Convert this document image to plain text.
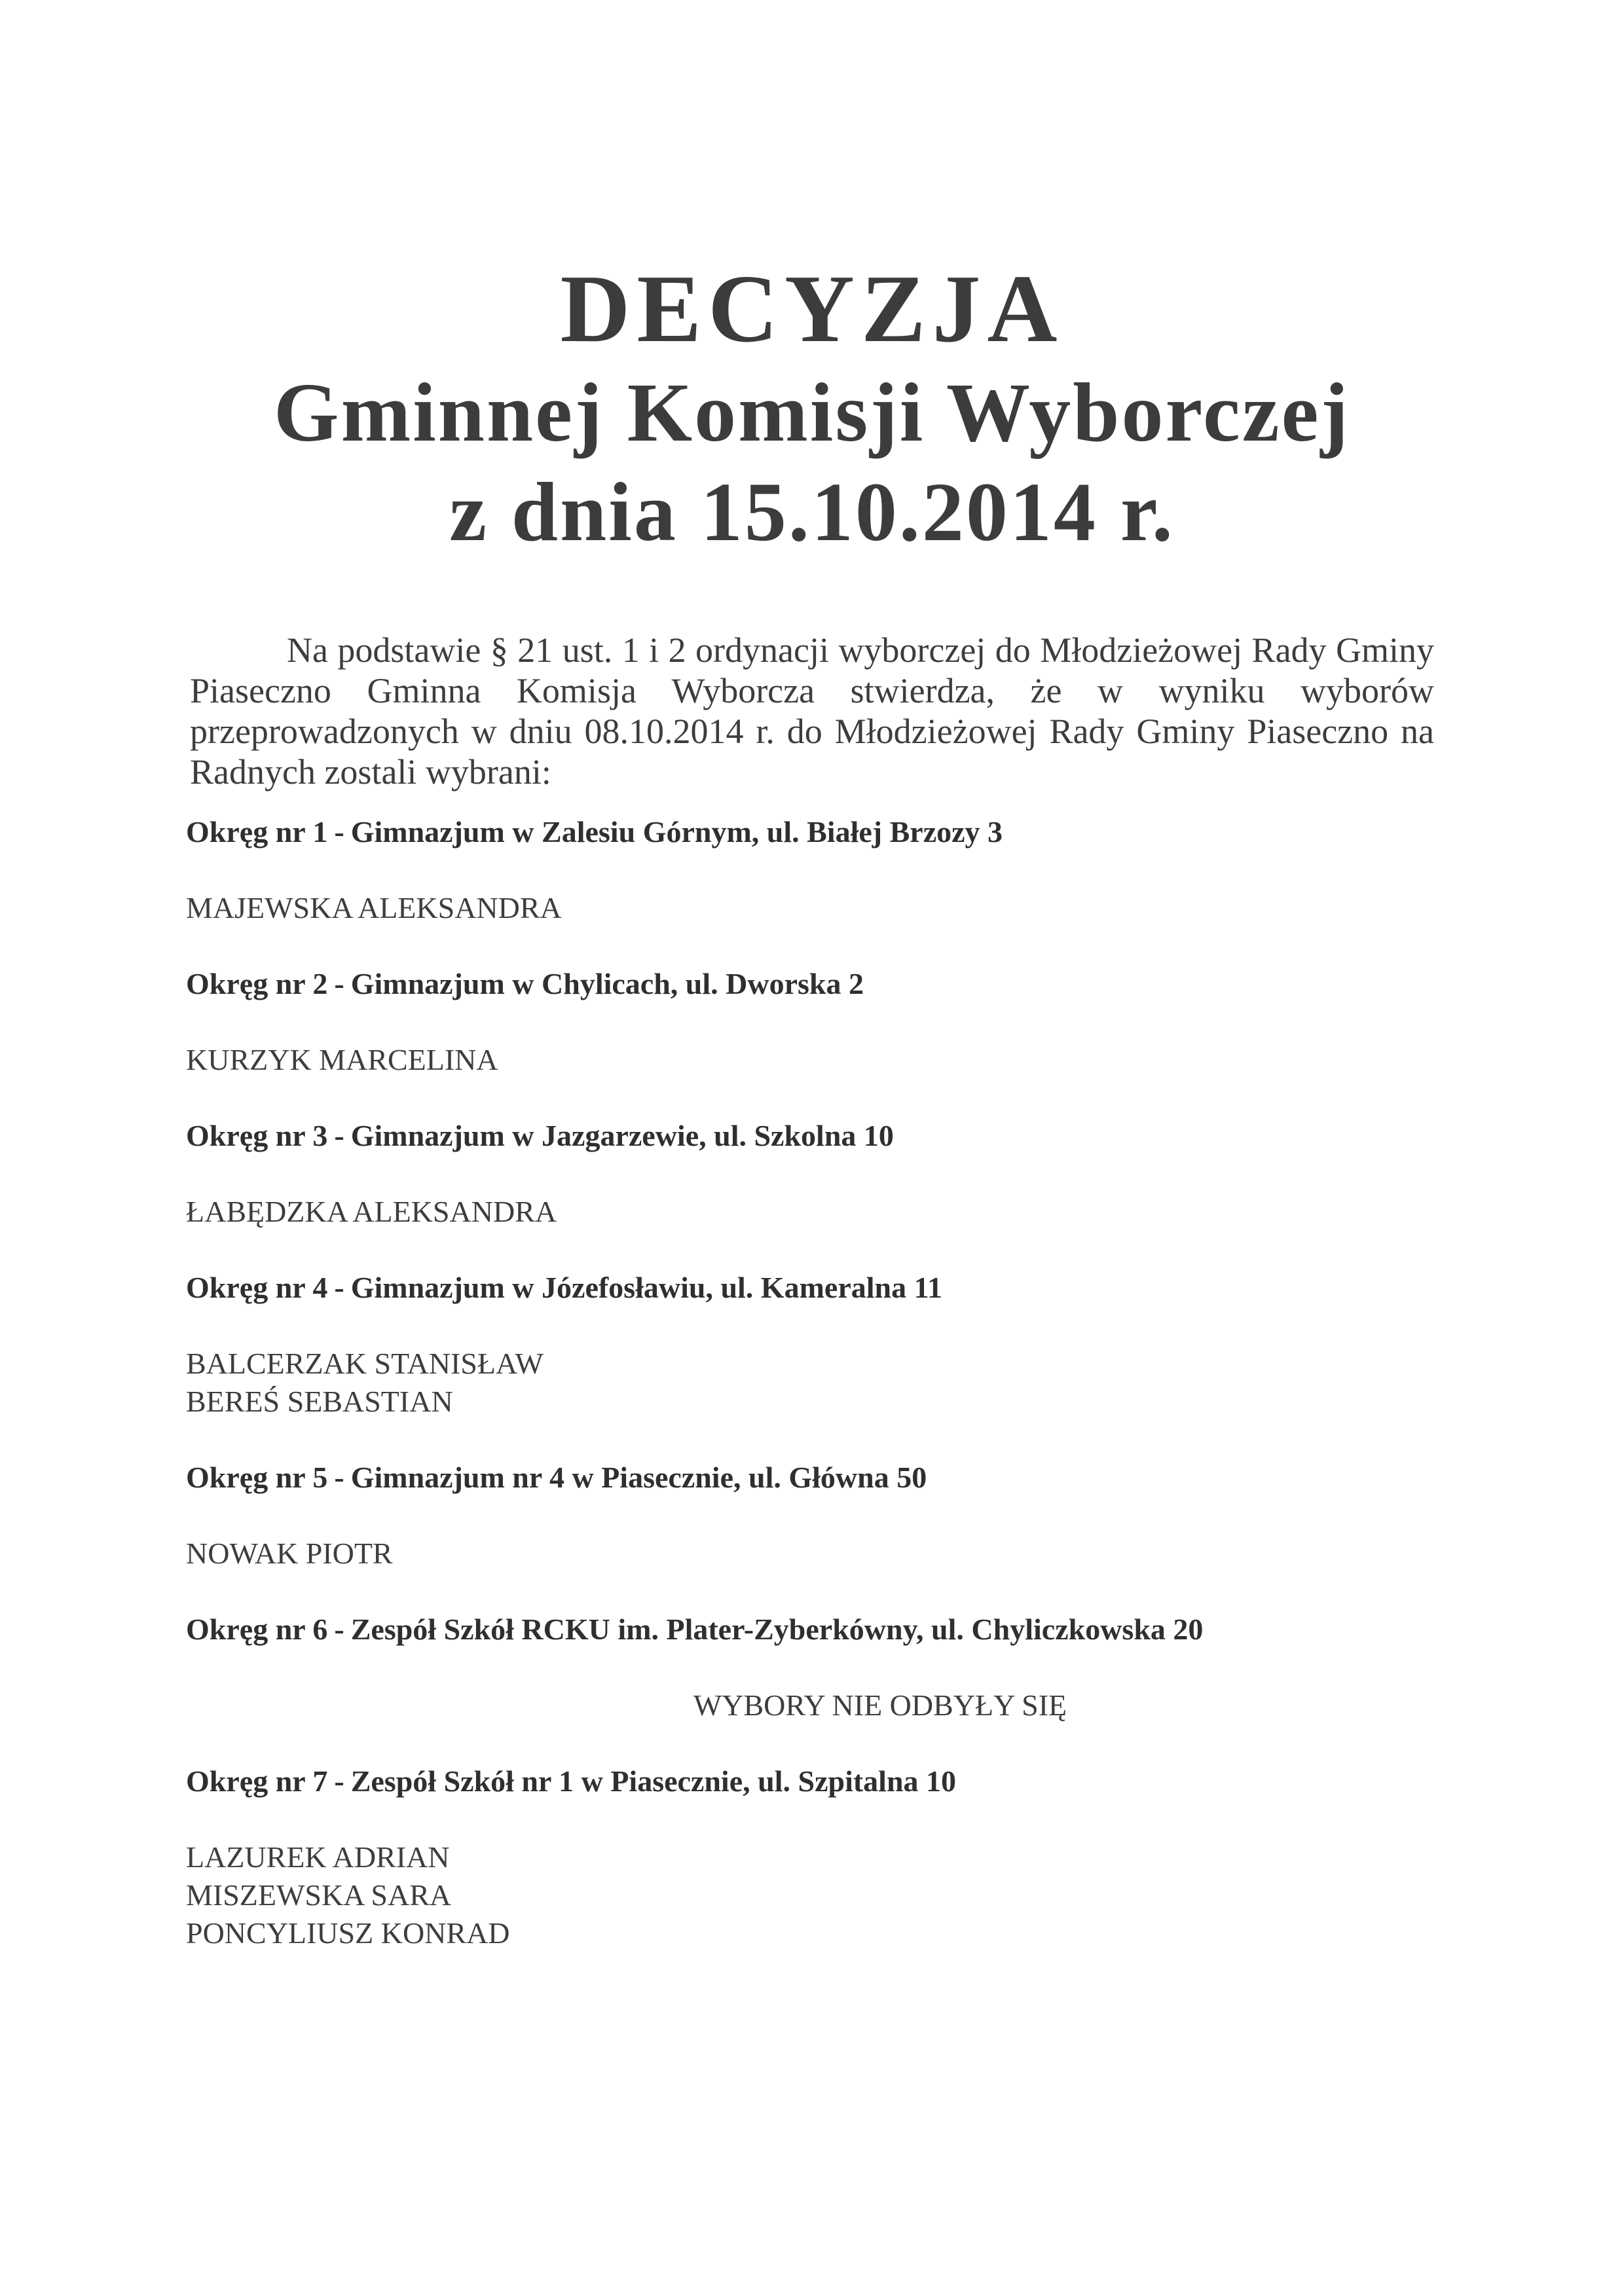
DECYZJA
Gminnej Komisji Wyborczej
z dnia 15.10.2014 r.

Na podstawie § 21 ust. 1 i 2 ordynacji wyborczej do Młodzieżowej Rady Gminy Piaseczno Gminna Komisja Wyborcza stwierdza, że w wyniku wyborów przeprowadzonych w dniu 08.10.2014 r. do Młodzieżowej Rady Gminy Piaseczno na Radnych zostali wybrani:

Okręg nr 1 - Gimnazjum w Zalesiu Górnym, ul. Białej Brzozy 3
MAJEWSKA ALEKSANDRA
Okręg nr 2 - Gimnazjum w Chylicach, ul. Dworska 2
KURZYK MARCELINA
Okręg nr 3 - Gimnazjum w Jazgarzewie, ul. Szkolna 10
ŁABĘDZKA ALEKSANDRA
Okręg nr 4 - Gimnazjum w Józefosławiu, ul. Kameralna 11
BALCERZAK STANISŁAW
BEREŚ SEBASTIAN
Okręg nr 5 - Gimnazjum nr 4 w Piasecznie, ul. Główna 50
NOWAK PIOTR
Okręg nr 6 - Zespół Szkół RCKU im. Plater-Zyberkówny, ul. Chyliczkowska 20
WYBORY NIE ODBYŁY SIĘ
Okręg nr 7 - Zespół Szkół nr 1 w Piasecznie, ul. Szpitalna 10
LAZUREK ADRIAN
MISZEWSKA SARA
PONCYLIUSZ KONRAD
